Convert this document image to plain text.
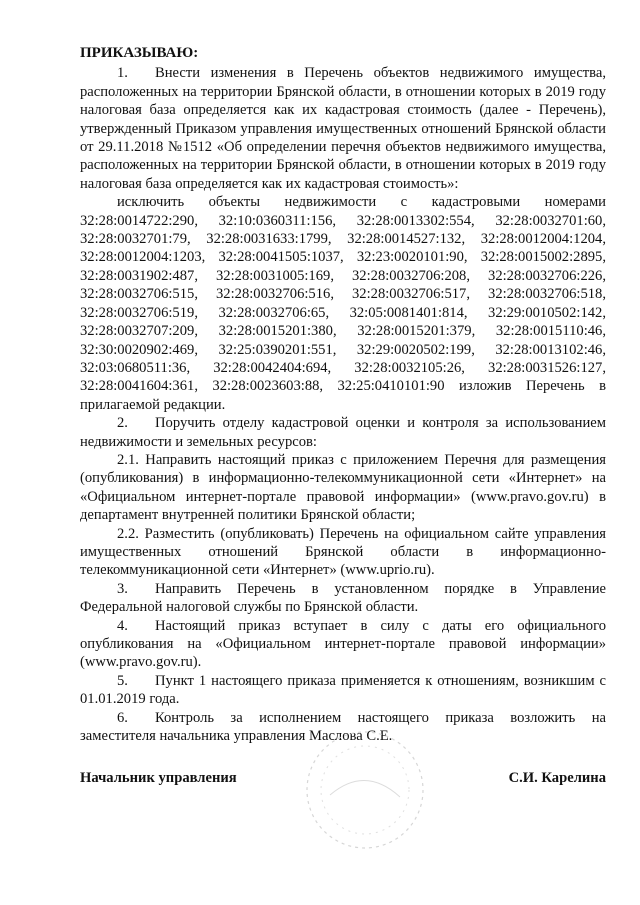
ПРИКАЗЫВАЮ:

1. Внести изменения в Перечень объектов недвижимого имущества, расположенных на территории Брянской области, в отношении которых в 2019 году налоговая база определяется как их кадастровая стоимость (далее - Перечень), утвержденный Приказом управления имущественных отношений Брянской области от 29.11.2018 №1512 «Об определении перечня объектов недвижимого имущества, расположенных на территории Брянской области, в отношении которых в 2019 году налоговая база определяется как их кадастровая стоимость»:

исключить объекты недвижимости с кадастровыми номерами

32:28:0014722:290, 32:10:0360311:156, 32:28:0013302:554, 32:28:0032701:60,

32:28:0032701:79, 32:28:0031633:1799, 32:28:0014527:132, 32:28:0012004:1204,

32:28:0012004:1203, 32:28:0041505:1037, 32:23:0020101:90, 32:28:0015002:2895,

32:28:0031902:487, 32:28:0031005:169, 32:28:0032706:208, 32:28:0032706:226,

32:28:0032706:515, 32:28:0032706:516, 32:28:0032706:517, 32:28:0032706:518,

32:28:0032706:519, 32:28:0032706:65, 32:05:0081401:814, 32:29:0010502:142,

32:28:0032707:209, 32:28:0015201:380, 32:28:0015201:379, 32:28:0015110:46,

32:30:0020902:469, 32:25:0390201:551, 32:29:0020502:199, 32:28:0013102:46,

32:03:0680511:36, 32:28:0042404:694, 32:28:0032105:26, 32:28:0031526:127,

32:28:0041604:361, 32:28:0023603:88, 32:25:0410101:90 изложив Перечень в

прилагаемой редакции.

2. Поручить отделу кадастровой оценки и контроля за использованием недвижимости и земельных ресурсов:

2.1. Направить настоящий приказ с приложением Перечня для размещения (опубликования) в информационно-телекоммуникационной сети «Интернет» на «Официальном интернет-портале правовой информации» (www.pravo.gov.ru) в департамент внутренней политики Брянской области;

2.2. Разместить (опубликовать) Перечень на официальном сайте управления имущественных отношений Брянской области в информационно-телекоммуникационной сети «Интернет» (www.uprio.ru).

3. Направить Перечень в установленном порядке в Управление Федеральной налоговой службы по Брянской области.

4. Настоящий приказ вступает в силу с даты его официального опубликования на «Официальном интернет-портале правовой информации» (www.pravo.gov.ru).

5. Пункт 1 настоящего приказа применяется к отношениям, возникшим с 01.01.2019 года.

6. Контроль за исполнением настоящего приказа возложить на заместителя начальника управления Маслова С.Е.

Начальник управления	С.И. Карелина
